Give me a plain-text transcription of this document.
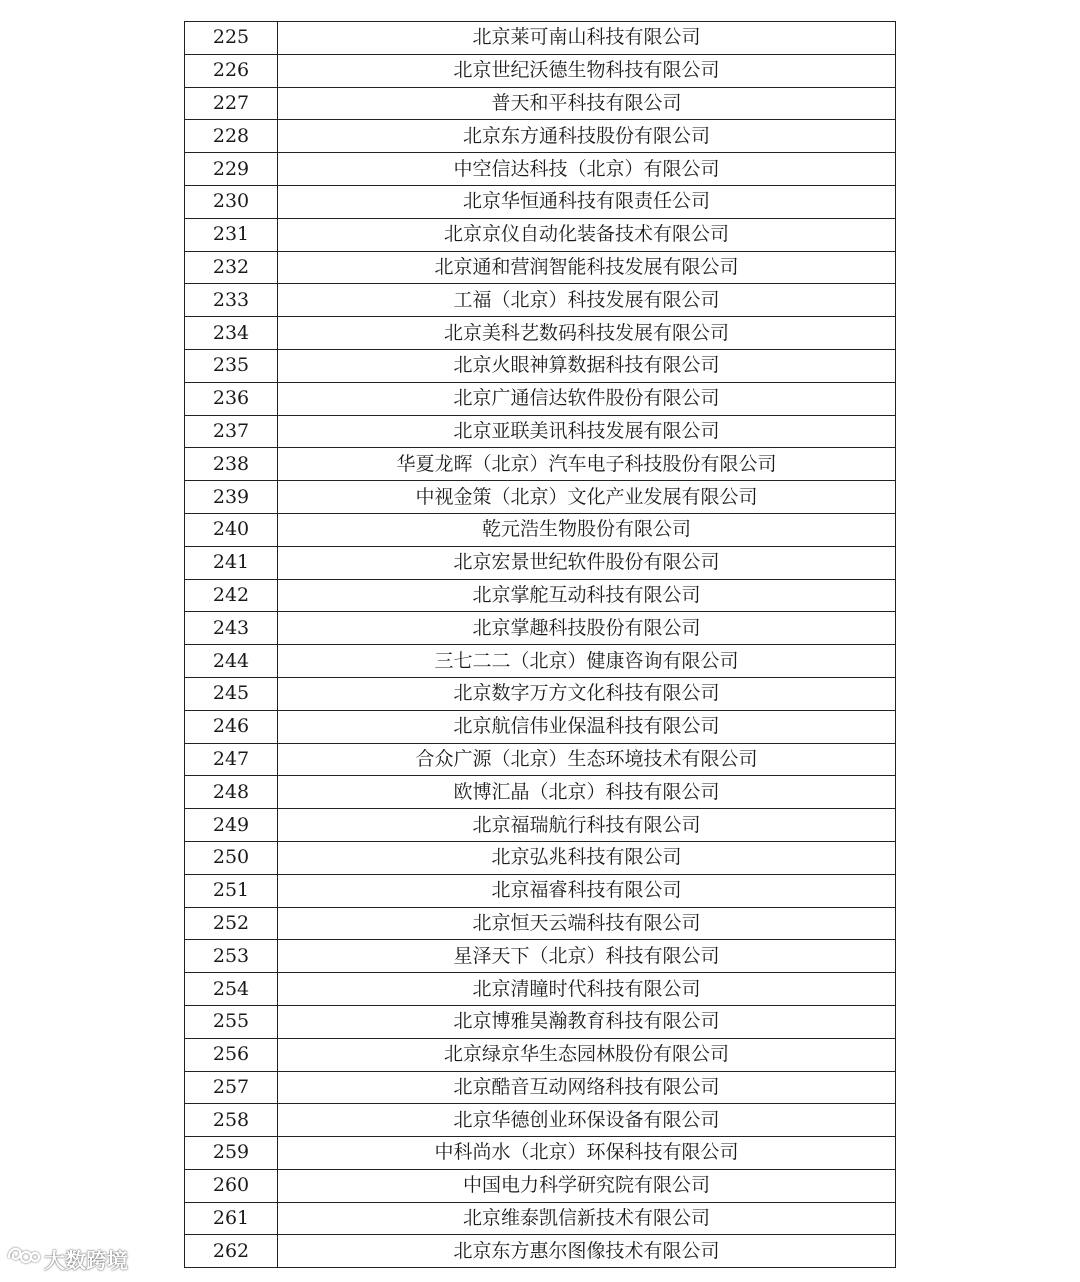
225	北京莱可南山科技有限公司
226	北京世纪沃德生物科技有限公司
227	普天和平科技有限公司
228	北京东方通科技股份有限公司
229	中空信达科技（北京）有限公司
230	北京华恒通科技有限责任公司
231	北京京仪自动化装备技术有限公司
232	北京通和营润智能科技发展有限公司
233	工福（北京）科技发展有限公司
234	北京美科艺数码科技发展有限公司
235	北京火眼神算数据科技有限公司
236	北京广通信达软件股份有限公司
237	北京亚联美讯科技发展有限公司
238	华夏龙晖（北京）汽车电子科技股份有限公司
239	中视金策（北京）文化产业发展有限公司
240	乾元浩生物股份有限公司
241	北京宏景世纪软件股份有限公司
242	北京掌舵互动科技有限公司
243	北京掌趣科技股份有限公司
244	三七二二（北京）健康咨询有限公司
245	北京数字万方文化科技有限公司
246	北京航信伟业保温科技有限公司
247	合众广源（北京）生态环境技术有限公司
248	欧博汇晶（北京）科技有限公司
249	北京福瑞航行科技有限公司
250	北京弘兆科技有限公司
251	北京福睿科技有限公司
252	北京恒天云端科技有限公司
253	星泽天下（北京）科技有限公司
254	北京清瞳时代科技有限公司
255	北京博雅昊瀚教育科技有限公司
256	北京绿京华生态园林股份有限公司
257	北京酷音互动网络科技有限公司
258	北京华德创业环保设备有限公司
259	中科尚水（北京）环保科技有限公司
260	中国电力科学研究院有限公司
261	北京维泰凯信新技术有限公司
262	北京东方惠尔图像技术有限公司
大数跨境
